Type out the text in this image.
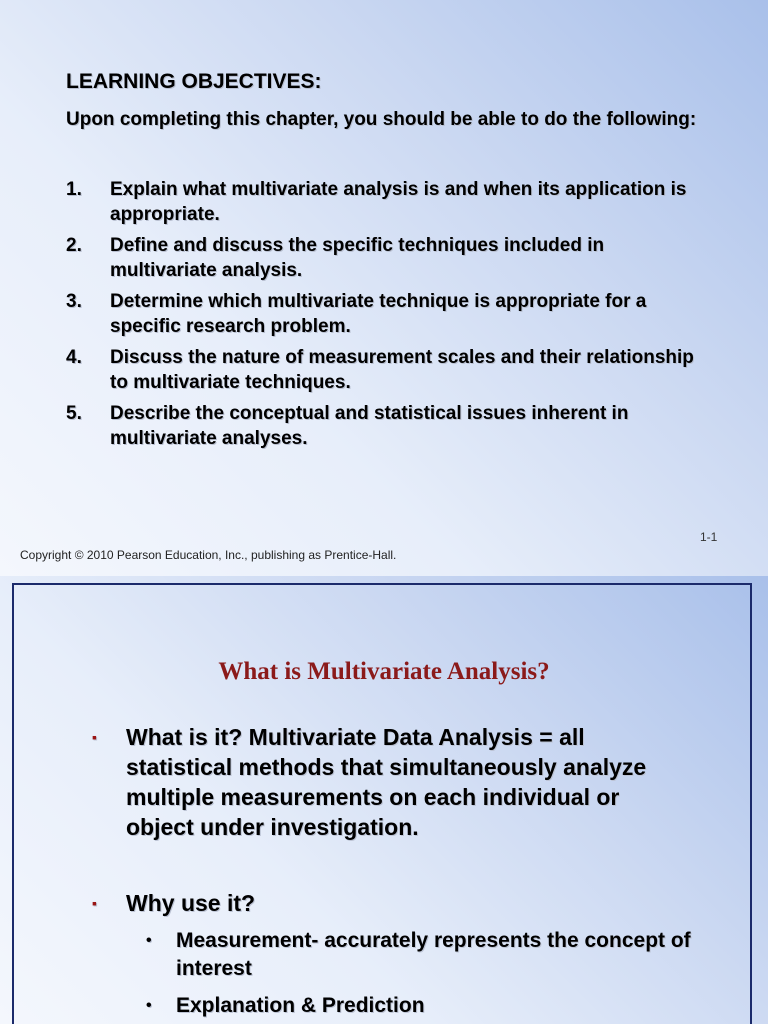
LEARNING OBJECTIVES:
Upon completing this chapter, you should be able to do the following:
1.	Explain what multivariate analysis is and when its application is appropriate.
2.	Define and discuss the specific techniques included in multivariate analysis.
3.	Determine which multivariate technique is appropriate for a specific research problem.
4.	Discuss the nature of measurement scales and their relationship to multivariate techniques.
5.	Describe the conceptual and statistical issues inherent in multivariate analyses.
1-1
Copyright © 2010 Pearson Education, Inc., publishing as Prentice-Hall.
What is Multivariate Analysis?
▪	What is it? Multivariate Data Analysis = all statistical methods that simultaneously analyze multiple measurements on each individual or object under investigation.
▪	Why use it?
•	Measurement- accurately represents the concept of interest
•	Explanation & Prediction
